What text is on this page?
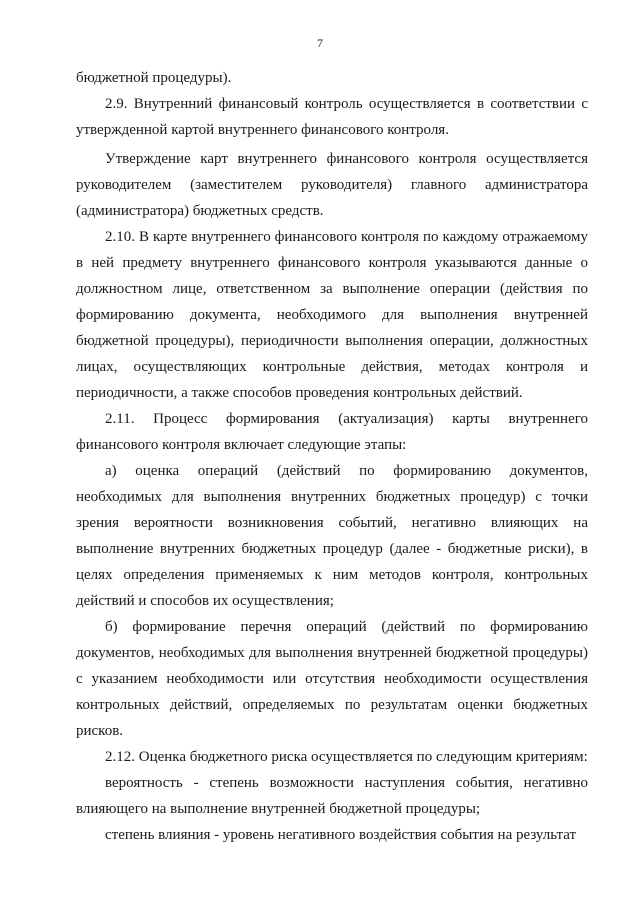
7

бюджетной процедуры).

2.9. Внутренний финансовый контроль осуществляется в соответствии с утвержденной картой внутреннего финансового контроля.

Утверждение карт внутреннего финансового контроля осуществляется руководителем (заместителем руководителя) главного администратора (администратора) бюджетных средств.

2.10. В карте внутреннего финансового контроля по каждому отражаемому в ней предмету внутреннего финансового контроля указываются данные о должностном лице, ответственном за выполнение операции (действия по формированию документа, необходимого для выполнения внутренней бюджетной процедуры), периодичности выполнения операции, должностных лицах, осуществляющих контрольные действия, методах контроля и периодичности, а также способов проведения контрольных действий.

2.11. Процесс формирования (актуализация) карты внутреннего финансового контроля включает следующие этапы:

а) оценка операций (действий по формированию документов, необходимых для выполнения внутренних бюджетных процедур) с точки зрения вероятности возникновения событий, негативно влияющих на выполнение внутренних бюджетных процедур (далее - бюджетные риски), в целях определения применяемых к ним методов контроля, контрольных действий и способов их осуществления;

б) формирование перечня операций (действий по формированию документов, необходимых для выполнения внутренней бюджетной процедуры) с указанием необходимости или отсутствия необходимости осуществления контрольных действий, определяемых по результатам оценки бюджетных рисков.

2.12. Оценка бюджетного риска осуществляется по следующим критериям:

вероятность - степень возможности наступления события, негативно влияющего на выполнение внутренней бюджетной процедуры;

степень влияния - уровень негативного воздействия события на результат
